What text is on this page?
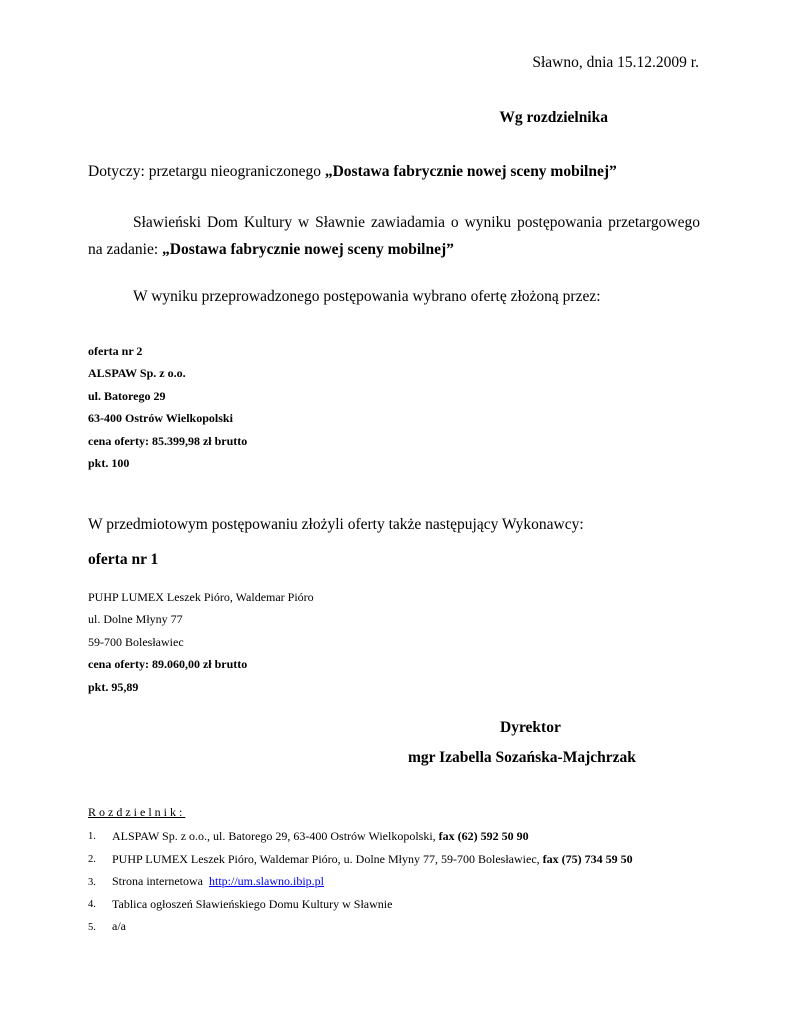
Sławno, dnia 15.12.2009 r.
Wg rozdzielnika
Dotyczy: przetargu nieograniczonego „Dostawa fabrycznie nowej sceny mobilnej”
Sławieński Dom Kultury w Sławnie zawiadamia o wyniku postępowania przetargowego
na zadanie: „Dostawa fabrycznie nowej sceny mobilnej”
W wyniku przeprowadzonego postępowania wybrano ofertę złożoną przez:
oferta nr 2
ALSPAW Sp. z o.o.
ul. Batorego 29
63-400 Ostrów Wielkopolski
cena oferty: 85.399,98 zł brutto
pkt. 100
W przedmiotowym postępowaniu złożyli oferty także następujący Wykonawcy:
oferta nr 1
PUHP LUMEX Leszek Pióro, Waldemar Pióro
ul. Dolne Młyny 77
59-700 Bolesławiec
cena oferty: 89.060,00 zł brutto
pkt. 95,89
Dyrektor
mgr Izabella Sozańska-Majchrzak
Rozdzielnik:
1. ALSPAW Sp. z o.o., ul. Batorego 29, 63-400 Ostrów Wielkopolski, fax (62) 592 50 90
2. PUHP LUMEX Leszek Pióro, Waldemar Pióro, u. Dolne Młyny 77, 59-700 Bolesławiec, fax (75) 734 59 50
3. Strona internetowa  http://um.slawno.ibip.pl
4. Tablica ogłoszeń Sławieńskiego Domu Kultury w Sławnie
5. a/a
